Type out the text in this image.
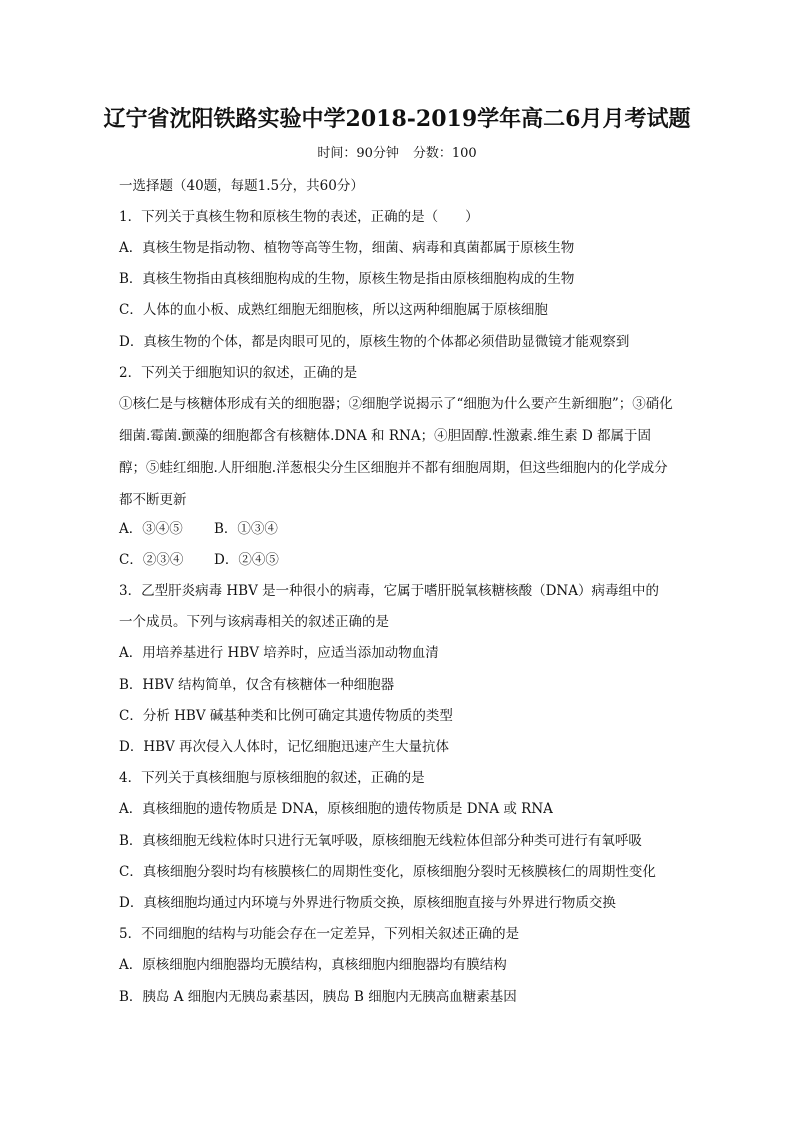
辽宁省沈阳铁路实验中学2018-2019学年高二6月月考试题
时间：90分钟 分数：100
一选择题（40题，每题1.5分，共60分）
1．下列关于真核生物和原核生物的表述，正确的是（　　）
A．真核生物是指动物、植物等高等生物，细菌、病毒和真菌都属于原核生物
B．真核生物指由真核细胞构成的生物，原核生物是指由原核细胞构成的生物
C．人体的血小板、成熟红细胞无细胞核，所以这两种细胞属于原核细胞
D．真核生物的个体，都是肉眼可见的，原核生物的个体都必须借助显微镜才能观察到
2．下列关于细胞知识的叙述，正确的是
①核仁是与核糖体形成有关的细胞器；②细胞学说揭示了“细胞为什么要产生新细胞”；③硝化细菌.霉菌.颤藻的细胞都含有核糖体.DNA 和 RNA；④胆固醇.性激素.维生素 D 都属于固醇；⑤蛙红细胞.人肝细胞.洋葱根尖分生区细胞并不都有细胞周期，但这些细胞内的化学成分都不断更新
A．③④⑤ B．①③④
C．②③④ D．②④⑤
3．乙型肝炎病毒 HBV 是一种很小的病毒，它属于嗜肝脱氧核糖核酸（DNA）病毒组中的
一个成员。下列与该病毒相关的叙述正确的是
A．用培养基进行 HBV 培养时，应适当添加动物血清
B．HBV 结构简单，仅含有核糖体一种细胞器
C．分析 HBV 碱基种类和比例可确定其遗传物质的类型
D．HBV 再次侵入人体时，记忆细胞迅速产生大量抗体
4．下列关于真核细胞与原核细胞的叙述，正确的是
A．真核细胞的遗传物质是 DNA，原核细胞的遗传物质是 DNA 或 RNA
B．真核细胞无线粒体时只进行无氧呼吸，原核细胞无线粒体但部分种类可进行有氧呼吸
C．真核细胞分裂时均有核膜核仁的周期性变化，原核细胞分裂时无核膜核仁的周期性变化
D．真核细胞均通过内环境与外界进行物质交换，原核细胞直接与外界进行物质交换
5．不同细胞的结构与功能会存在一定差异，下列相关叙述正确的是
A．原核细胞内细胞器均无膜结构，真核细胞内细胞器均有膜结构
B．胰岛 A 细胞内无胰岛素基因，胰岛 B 细胞内无胰高血糖素基因
